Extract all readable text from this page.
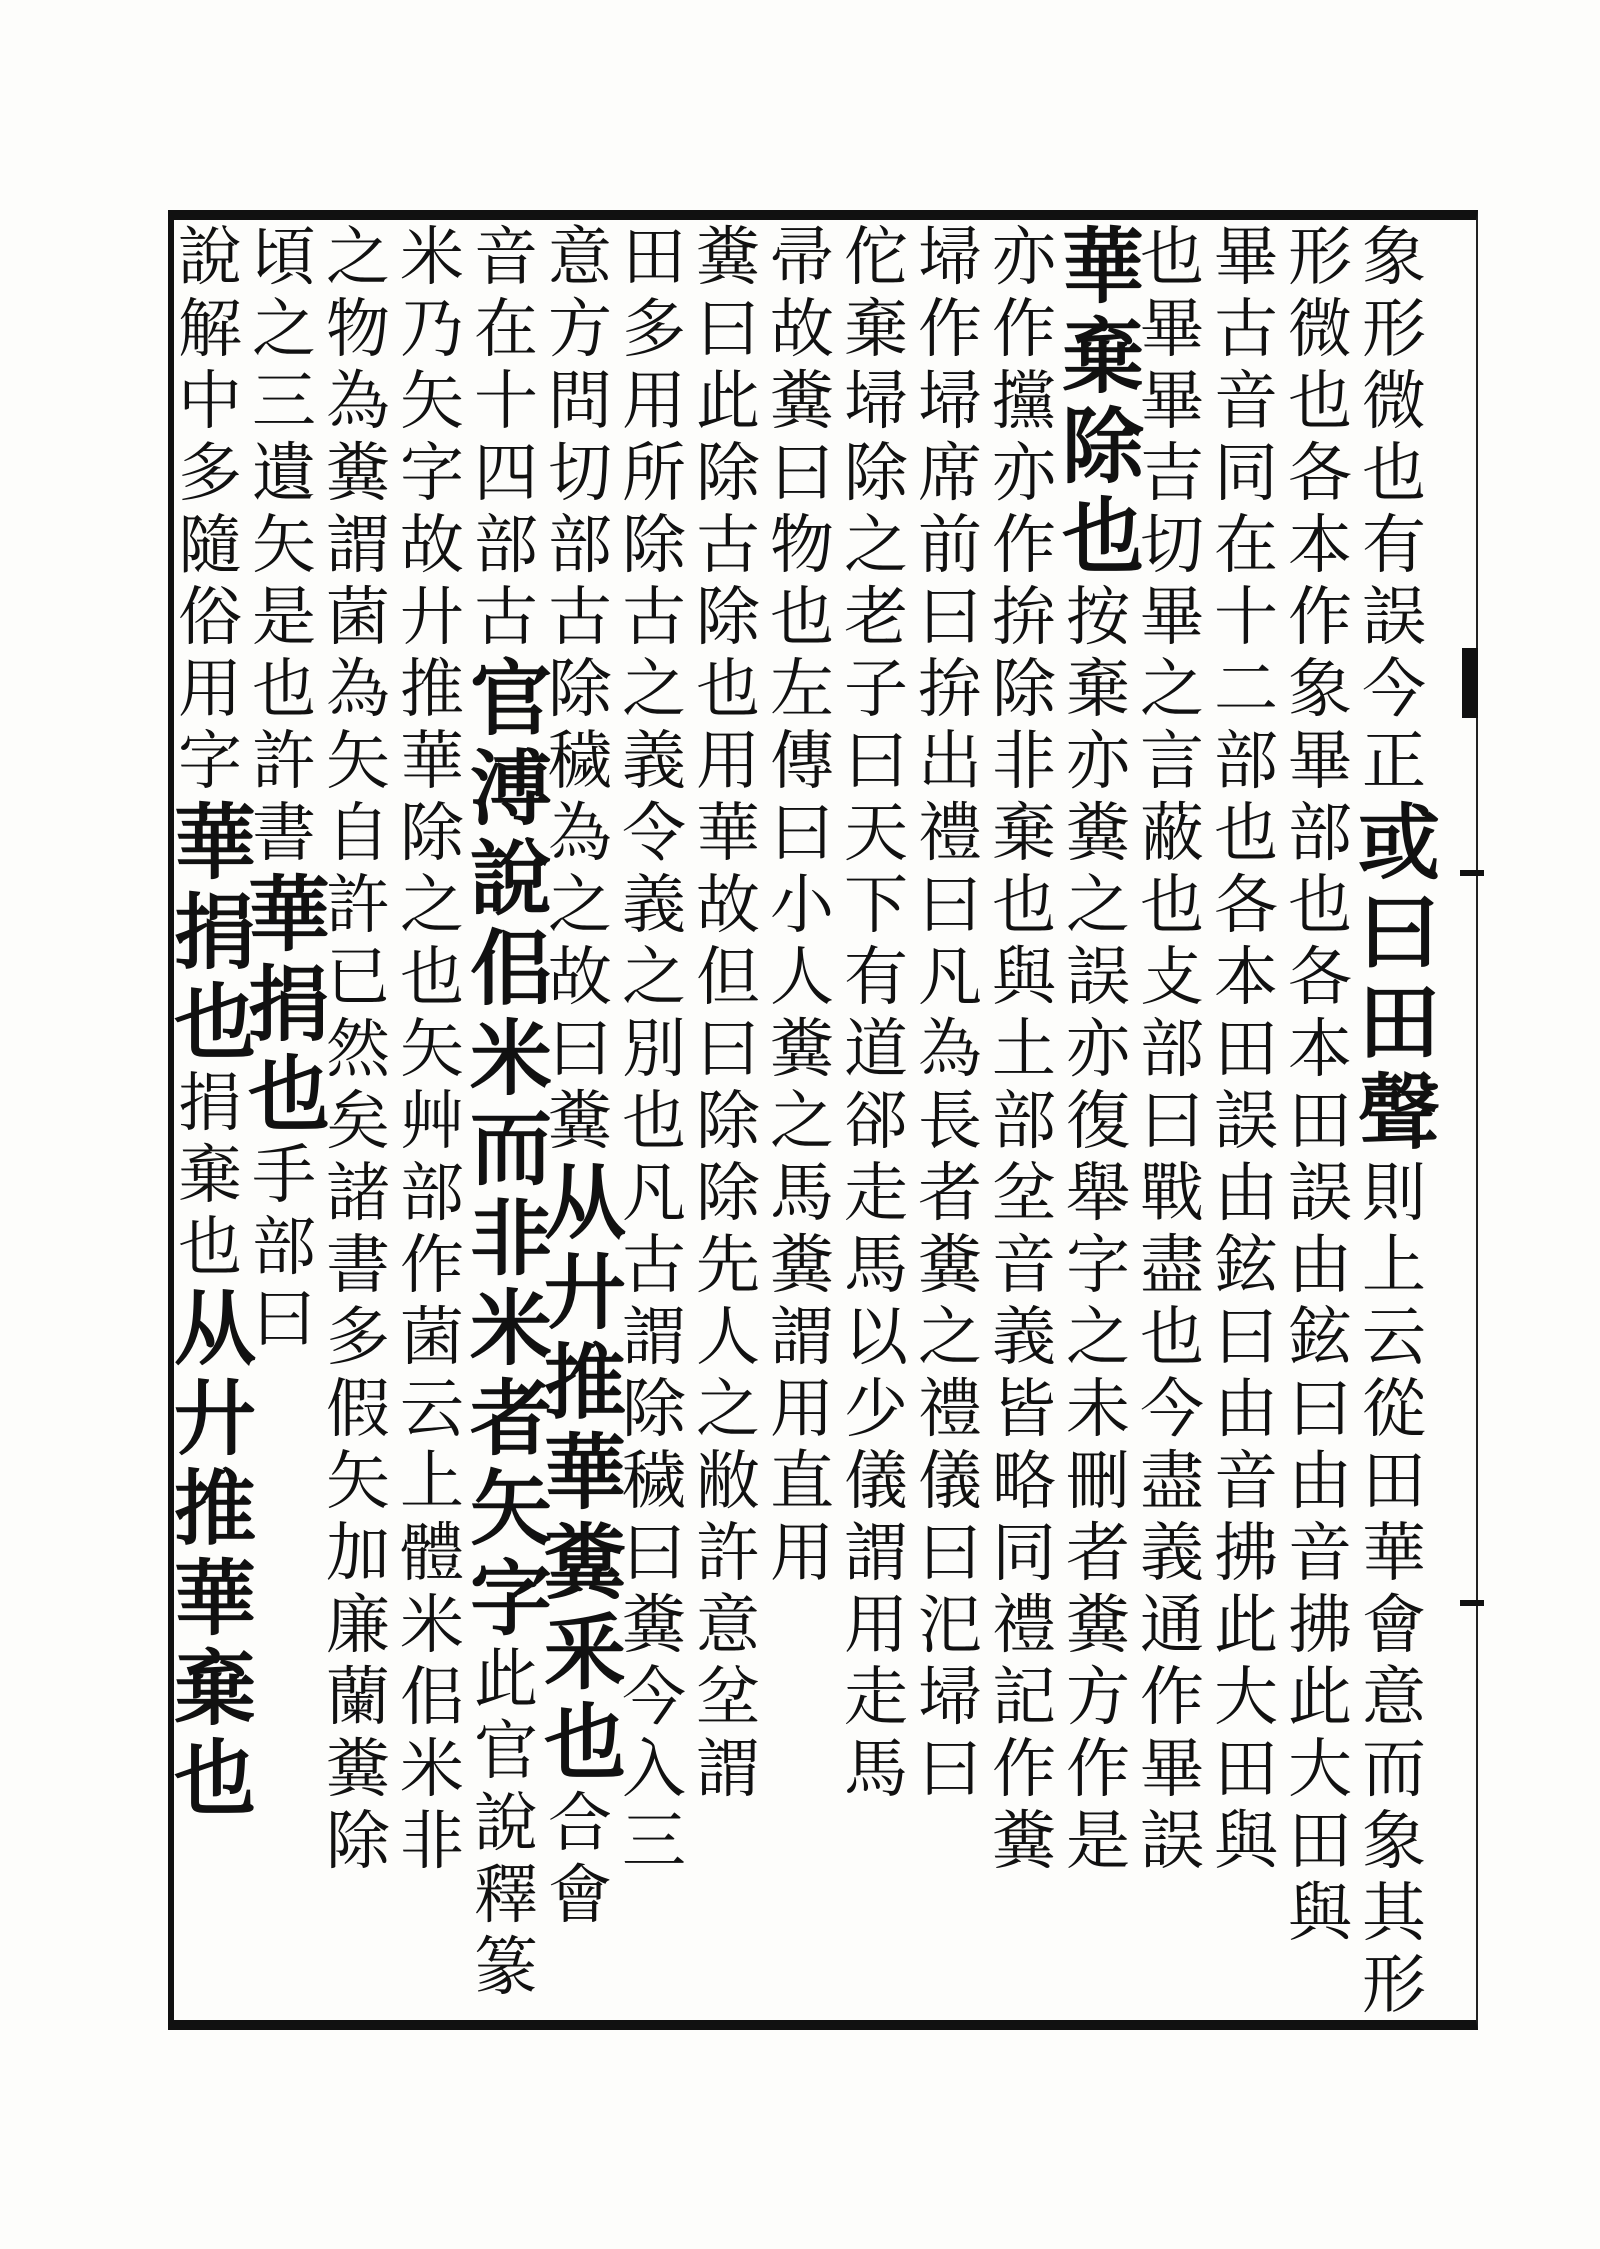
象
形
微
也
有
誤
今
正
或
曰
田
聲
則
上
云
從
田
華
會
意
而
象
其
形
形
微
也
各
本
作
象
畢
部
也
各
本
田
誤
由
鉉
曰
由
音
拂
此
大
田
與
畢
古
音
同
在
十
二
部
也
各
本
田
誤
由
鉉
曰
由
音
拂
此
大
田
與
也
畢
畢
吉
切
畢
之
言
蔽
也
攴
部
曰
戰
盡
也
今
盡
義
通
作
畢
誤
華
棄
除
也
按
棄
亦
糞
之
誤
亦
復
舉
字
之
未
刪
者
糞
方
作
是
亦
作
攩
亦
作
拚
除
非
棄
也
與
土
部
坌
音
義
皆
略
同
禮
記
作
糞
埽
作
埽
席
前
曰
拚
出
禮
曰
凡
為
長
者
糞
之
禮
儀
曰
汜
埽
曰
佗
棄
埽
除
之
老
子
曰
天
下
有
道
郤
走
馬
以
少
儀
謂
用
走
馬
帚
故
糞
曰
物
也
左
傳
曰
小
人
糞
之
馬
糞
謂
用
直
用
糞
曰
此
除
古
除
也
用
華
故
但
曰
除
除
先
人
之
敝
許
意
坌
謂
田
多
用
所
除
古
之
義
令
義
之
別
也
凡
古
謂
除
穢
曰
糞
今
入
三
意
方
問
切
部
古
除
穢
為
之
故
曰
糞
从
廾
推
華
糞
釆
也
合
會
音
在
十
四
部
古
官
溥
說
佀
米
而
非
米
者
矢
字
此
官
說
釋
篆
米
乃
矢
字
故
廾
推
華
除
之
也
矢
艸
部
作
菌
云
上
體
米
佀
米
非
之
物
為
糞
謂
菌
為
矢
自
許
已
然
矣
諸
書
多
假
矢
加
廉
蘭
糞
除
頃
之
三
遺
矢
是
也
許
書
華
捐
也
手
部
曰
說
解
中
多
隨
俗
用
字
華
捐
也
捐
棄
也
从
廾
推
華
棄
也
